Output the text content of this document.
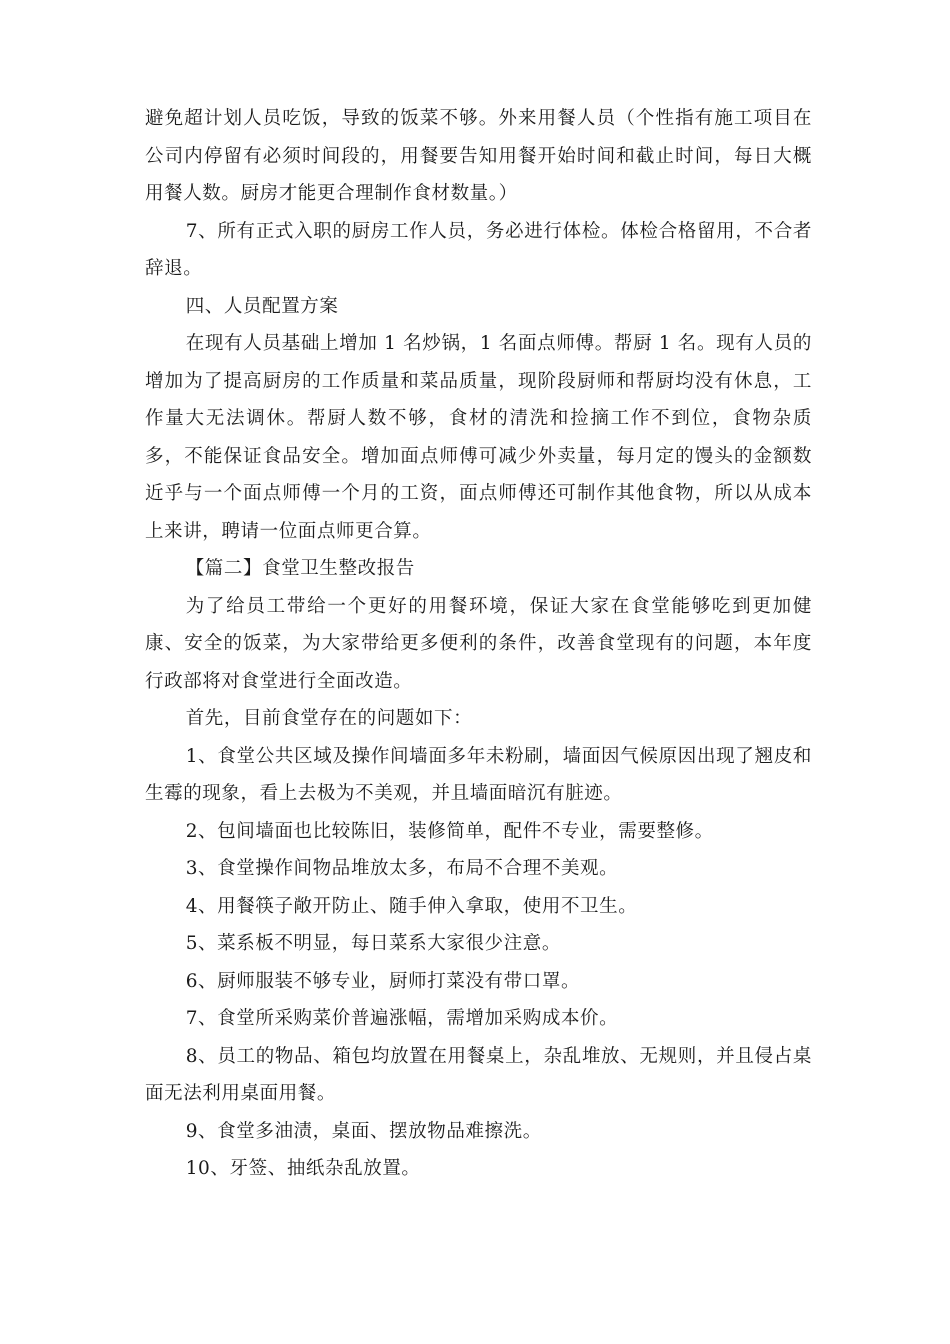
避免超计划人员吃饭，导致的饭菜不够。外来用餐人员（个性指有施工项目在公司内停留有必须时间段的，用餐要告知用餐开始时间和截止时间，每日大概用餐人数。厨房才能更合理制作食材数量。）

7、所有正式入职的厨房工作人员，务必进行体检。体检合格留用，不合者辞退。

四、人员配置方案

在现有人员基础上增加 1 名炒锅，1 名面点师傅。帮厨 1 名。现有人员的增加为了提高厨房的工作质量和菜品质量，现阶段厨师和帮厨均没有休息，工作量大无法调休。帮厨人数不够，食材的清洗和捡摘工作不到位，食物杂质多，不能保证食品安全。增加面点师傅可减少外卖量，每月定的馒头的金额数近乎与一个面点师傅一个月的工资，面点师傅还可制作其他食物，所以从成本上来讲，聘请一位面点师更合算。

【篇二】食堂卫生整改报告

为了给员工带给一个更好的用餐环境，保证大家在食堂能够吃到更加健康、安全的饭菜，为大家带给更多便利的条件，改善食堂现有的问题，本年度行政部将对食堂进行全面改造。

首先，目前食堂存在的问题如下：

1、食堂公共区域及操作间墙面多年未粉刷，墙面因气候原因出现了翘皮和生霉的现象，看上去极为不美观，并且墙面暗沉有脏迹。

2、包间墙面也比较陈旧，装修简单，配件不专业，需要整修。

3、食堂操作间物品堆放太多，布局不合理不美观。

4、用餐筷子敞开防止、随手伸入拿取，使用不卫生。

5、菜系板不明显，每日菜系大家很少注意。

6、厨师服装不够专业，厨师打菜没有带口罩。

7、食堂所采购菜价普遍涨幅，需增加采购成本价。

8、员工的物品、箱包均放置在用餐桌上，杂乱堆放、无规则，并且侵占桌面无法利用桌面用餐。

9、食堂多油渍，桌面、摆放物品难擦洗。

10、牙签、抽纸杂乱放置。
